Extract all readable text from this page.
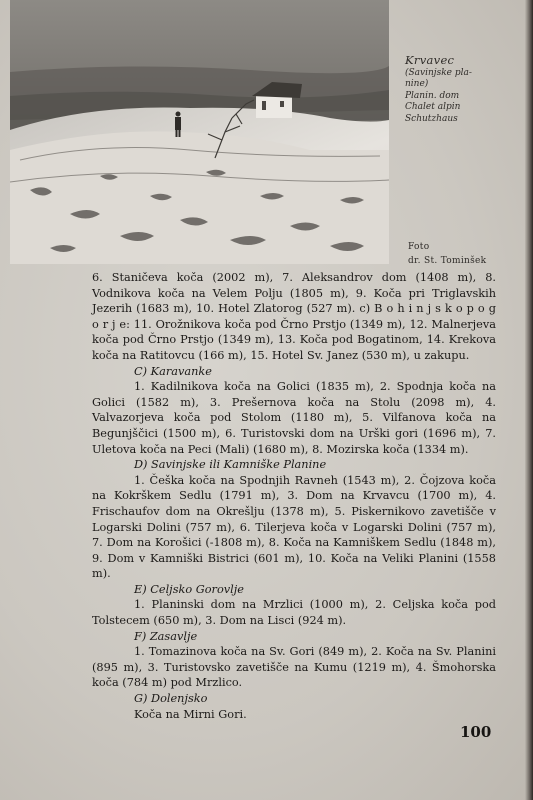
Krvavec
(Savinjske pla-
nine)
Planin. dom
Chalet alpin
Schutzhaus
Foto
dr. St. Tominšek

6. Staničeva koča (2002 m), 7. Aleksandrov dom (1408 m), 8. Vodnikova koča na Velem Polju (1805 m), 9. Koča pri Triglavskih Jezerih (1683 m), 10. Hotel Zlatorog (527 m). c) B o h i n j s k o p o g o r j e: 11. Orožnikova koča pod Črno Prstjo (1349 m), 12. Malnerjeva koča pod Črno Prstjo (1349 m), 13. Koča pod Bogatinom, 14. Krekova koča na Ratitovcu (166 m), 15. Hotel Sv. Janez (530 m), u zakupu.

C) Karavanke

1. Kadilnikova koča na Golici (1835 m), 2. Spodnja koča na Golici (1582 m), 3. Prešernova koča na Stolu (2098 m), 4. Valvazorjeva koča pod Stolom (1180 m), 5. Vilfanova koča na Begunjščici (1500 m), 6. Turistovski dom na Urški gori (1696 m), 7. Uletova koča na Peci (Mali) (1680 m), 8. Mozirska koča (1334 m).

D) Savinjske ili Kamniške Planine

1. Češka koča na Spodnjih Ravneh (1543 m), 2. Čojzova koča na Kokrškem Sedlu (1791 m), 3. Dom na Krvavcu (1700 m), 4. Frischaufov dom na Okrešlju (1378 m), 5. Piskernikovo zavetišče v Logarski Dolini (757 m), 6. Tilerjeva koča v Logarski Dolini (757 m), 7. Dom na Korošici (-1808 m), 8. Koča na Kamniškem Sedlu (1848 m), 9. Dom v Kamniški Bistrici (601 m), 10. Koča na Veliki Planini (1558 m).

E) Celjsko Gorovlje

1. Planinski dom na Mrzlici (1000 m), 2. Celjska koča pod Tolstecem (650 m), 3. Dom na Lisci (924 m).

F) Zasavlje

1. Tomazinova koča na Sv. Gori (849 m), 2. Koča na Sv. Planini (895 m), 3. Turistovsko zavetišče na Kumu (1219 m), 4. Šmohorska koča (784 m) pod Mrzlico.

G) Dolenjsko

Koča na Mirni Gori.

100
